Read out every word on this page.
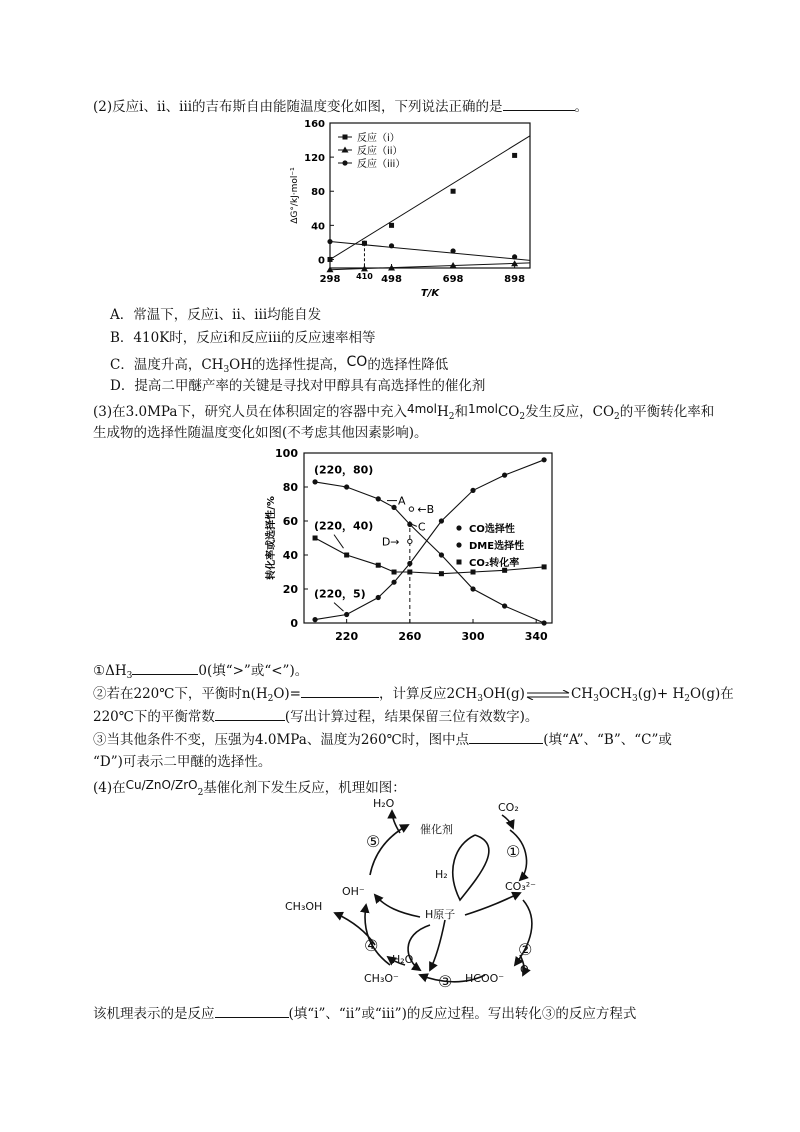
(2)反应ⅰ、ⅱ、ⅲ的吉布斯自由能随温度变化如图，下列说法正确的是	。
0
40
80
120
160
298 410 498	698	898
T/K
ΔG°/kJ·mol⁻¹
反应（i）
反应（ii）
反应（iii）
A．常温下，反应ⅰ、ⅱ、ⅲ均能自发
B．410K时，反应ⅰ和反应ⅲ的反应速率相等
C．温度升高，$CH_3OH$的选择性提高，CO的选择性降低
D．提高二甲醚产率的关键是寻找对甲醇具有高选择性的催化剂
(3)在3.0MPa下，研究人员在体积固定的容器中充入4molH$_2$和1molCO$_2$发生反应，$CO_2$的平衡转化率和
生成物的选择性随温度变化如图(不考虑其他因素影响)。
0
20
40
60
80
100
220	260	300	340
转化率或选择性/%	CO选择性
DME选择性
CO₂转化率
(220，80)
(220，40)
(220，5)
A
←B
C
D→
$①\Delta H_3$	0(填“>”或“<”)。
②若在220℃下，平衡时$n(H_2O)=$	，计算反应$2CH_3OH(g)\rightleftharpoons CH_3OCH_3(g)+ H_2O(g)$在
220℃下的平衡常数	(写出计算过程，结果保留三位有效数字)。
③当其他条件不变，压强为4.0MPa、温度为260℃时，图中点	(填“A”、“B”、“C”或
“D”)可表示二甲醚的选择性。
(4)在Cu/ZnO/ZrO$_2$基催化剂下发生反应，机理如图：
H₂O	CO₂
催化剂
H₂
CO₃²⁻
OH⁻
H原子
CH₃OH
H₂O
CH₃O⁻	HCOO⁻
O
①
②
③
④
⑤
该机理表示的是反应	(填“ⅰ”、“ⅱ”或“ⅲ”)的反应过程。写出转化③的反应方程式
